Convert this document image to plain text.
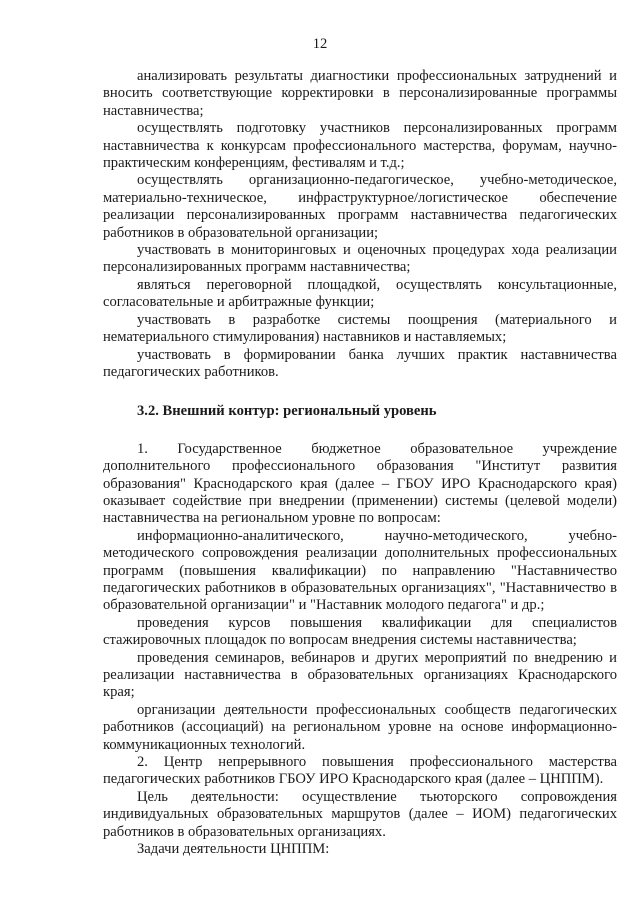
12

анализировать результаты диагностики профессиональных затруднений и вносить соответствующие корректировки в персонализированные программы наставничества;

осуществлять подготовку участников персонализированных программ наставничества к конкурсам профессионального мастерства, форумам, научно-практическим конференциям, фестивалям и т.д.;

осуществлять организационно-педагогическое, учебно-методическое, материально-техническое, инфраструктурное/логистическое обеспечение реализации персонализированных программ наставничества педагогических работников в образовательной организации;

участвовать в мониторинговых и оценочных процедурах хода реализации персонализированных программ наставничества;

являться переговорной площадкой, осуществлять консультационные, согласовательные и арбитражные функции;

участвовать в разработке системы поощрения (материального и нематериального стимулирования) наставников и наставляемых;

участвовать в формировании банка лучших практик наставничества педагогических работников.

3.2. Внешний контур: региональный уровень

1. Государственное бюджетное образовательное учреждение дополнительного профессионального образования "Институт развития образования" Краснодарского края (далее – ГБОУ ИРО Краснодарского края) оказывает содействие при внедрении (применении) системы (целевой модели) наставничества на региональном уровне по вопросам:

информационно-аналитического, научно-методического, учебно-методического сопровождения реализации дополнительных профессиональных программ (повышения квалификации) по направлению "Наставничество педагогических работников в образовательных организациях", "Наставничество в образовательной организации" и "Наставник молодого педагога" и др.;

проведения курсов повышения квалификации для специалистов стажировочных площадок по вопросам внедрения системы наставничества;

проведения семинаров, вебинаров и других мероприятий по внедрению и реализации наставничества в образовательных организациях Краснодарского края;

организации деятельности профессиональных сообществ педагогических работников (ассоциаций) на региональном уровне на основе информационно-коммуникационных технологий.

2. Центр непрерывного повышения профессионального мастерства педагогических работников ГБОУ ИРО Краснодарского края (далее – ЦНППМ).

Цель деятельности: осуществление тьюторского сопровождения индивидуальных образовательных маршрутов (далее – ИОМ) педагогических работников в образовательных организациях.

Задачи деятельности ЦНППМ:
